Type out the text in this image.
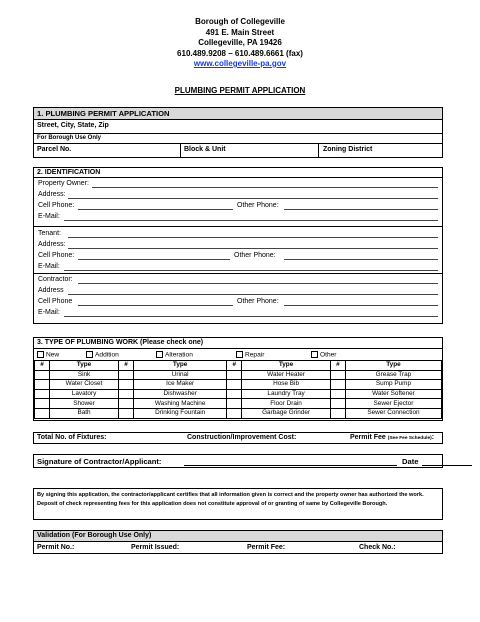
Borough of Collegeville
491 E. Main Street
Collegeville, PA 19426
610.489.9208 – 610.489.6661 (fax)
www.collegeville-pa.gov
PLUMBING PERMIT APPLICATION
1. PLUMBING PERMIT APPLICATION
Street, City, State, Zip
For Borough Use Only
Parcel No.	Block & Unit	Zoning District
2. IDENTIFICATION
Property Owner:
Address:
Cell Phone:	Other Phone:
E-Mail:
Tenant:
Address:
Cell Phone:	Other Phone:
E-Mail:
Contractor:
Address
Cell Phone	Other Phone:
E-Mail:
3. TYPE OF PLUMBING WORK (Please check one)
New	Addition	Alteration	Repair	Other
#	Type	#	Type	#	Type	#	Type
	Sink		Urinal		Water Heater		Grease Trap
	Water Closet		Ice Maker		Hose Bib		Sump Pump
	Lavatory		Dishwasher		Laundry Tray		Water Softener
	Shower		Washing Machine		Floor Drain		Sewer Ejector
	Bath		Drinking Fountain		Garbage Grinder		Sewer Connection
Total No. of Fixtures:	Construction/Improvement Cost:	Permit Fee (See Fee Schedule):
Signature of Contractor/Applicant:	Date
By signing this application, the contractor/applicant certifies that all information given is correct and the property owner has authorized the work. Deposit of check representing fees for this application does not constitute approval of or granting of same by Collegeville Borough.
Validation (For Borough Use Only)
Permit No.:	Permit Issued:	Permit Fee:	Check No.:
